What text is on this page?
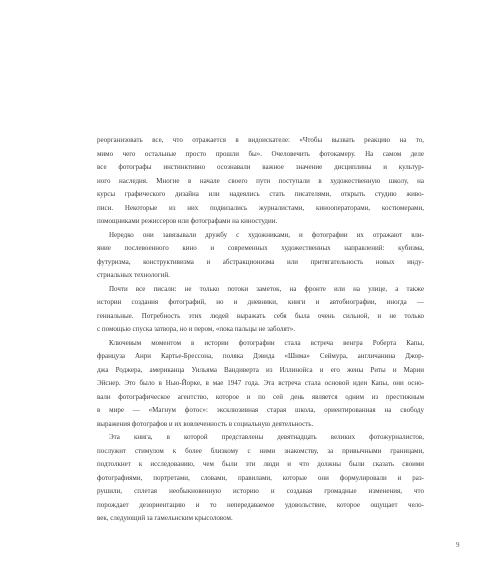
реорганизовать все, что отражается в видоискателе: «Чтобы вызвать реакцию на то,
мимо чего остальные просто прошли бы». Очеловечить фотокамеру. На самом деле
все фотографы инстинктивно осознавали важное значение дисциплины и культур-
ного наследия. Многие в начале своего пути поступали в художественную школу, на
курсы графического дизайна или надеялись стать писателями, открыть студию живо-
писи. Некоторые из них подвизались журналистами, кинооператорами, костюмерами,
помощниками режиссеров или фотографами на киностудии.
Нередко они завязывали дружбу с художниками, и фотографии их отражают вли-
яние послевоенного кино и современных художественных направлений: кубизма,
футуризма, конструктивизма и абстракционизма или притягательность новых инду-
стриальных технологий.
Почти все писали: не только потоки заметок, на фронте или на улице, а также
истории создания фотографий, но и дневники, книги и автобиографии, иногда —
гениальные. Потребность этих людей выражать себя была очень сильной, и не только
с помощью спуска затвора, но и пером, «пока пальцы не заболят».
Ключевым моментом в истории фотографии стала встреча венгра Роберта Капы,
француза Анри Картье-Брессона, поляка Дэвида «Шима» Сеймура, англичанина Джор-
джа Роджера, американца Уильяма Вандиверта из Иллинойса и его жены Риты и Марии
Эйснер. Это было в Нью-Йорке, в мае 1947 года. Эта встреча стала основой идеи Капы, они осно-
вали фотографическое агентство, которое и по сей день является одним из престижным
в мире — «Магнум фотос»: эксклюзивная старая школа, ориентированная на свободу
выражения фотографов и их вовлеченность в социальную деятельность.
Эта книга, в которой представлены девятнадцать великих фотожурналистов,
послужит стимулом к более близкому с ними знакомству, за привычными границами,
подтолкнет к исследованию, чем были эти люди и что должны были сказать своими
фотографиями, портретами, словами, правилами, которые они формулировали и раз-
рушили, сплетая необыкновенную историю и создавая громадные изменения, что
порождает дезориентацию и то непередаваемое удовольствие, которое ощущает чело-
век, следующий за гамельнским крысоловом.
9
